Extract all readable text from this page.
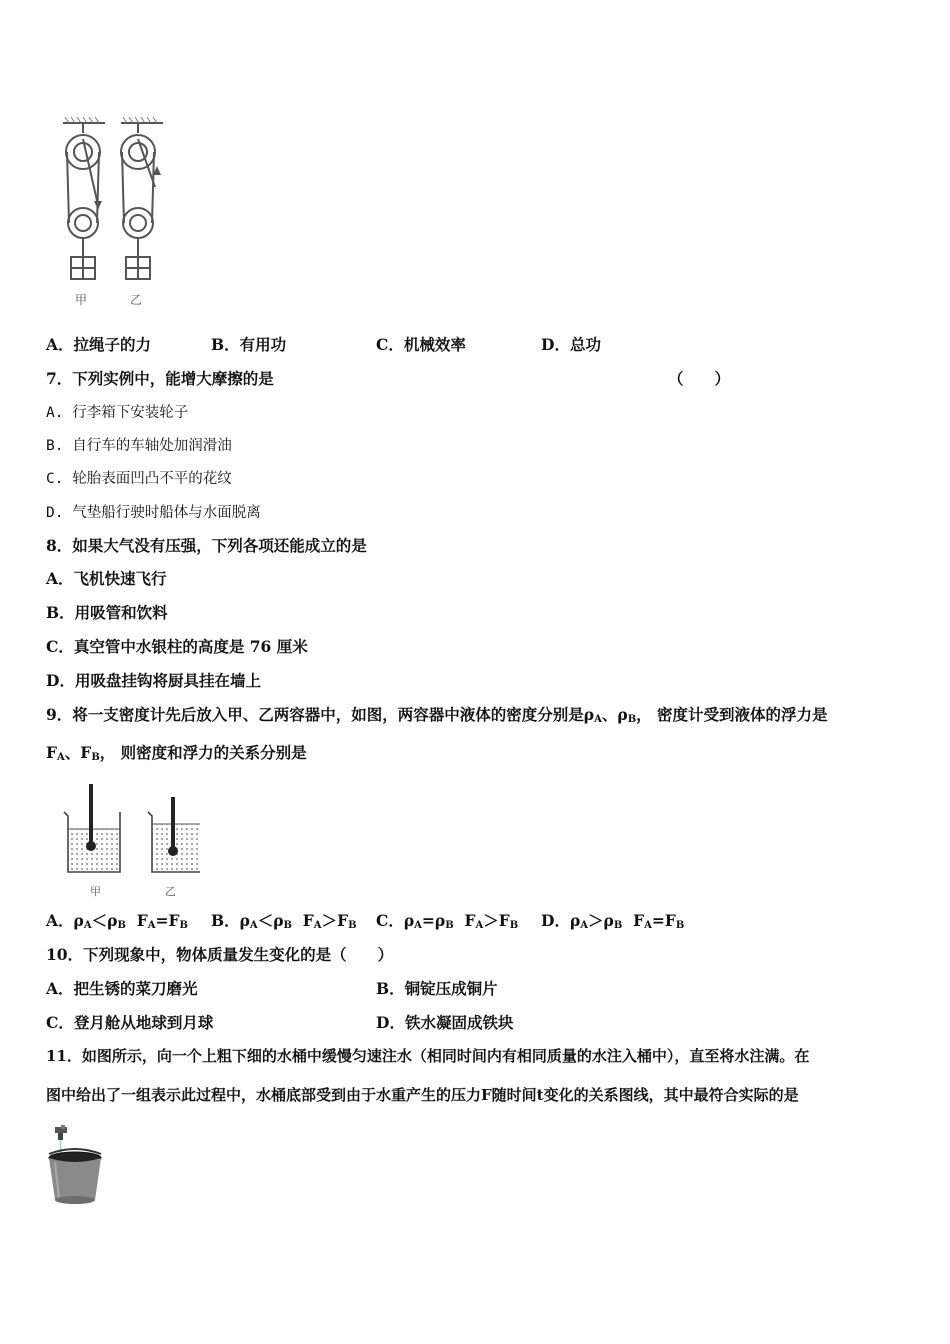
甲	乙
A．拉绳子的力	B．有用功	C．机械效率	D．总功
7．下列实例中，能增大摩擦的是	（　　）
A. 行李箱下安装轮子
B. 自行车的车轴处加润滑油
C. 轮胎表面凹凸不平的花纹
D. 气垫船行驶时船体与水面脱离
8．如果大气没有压强，下列各项还能成立的是
A．飞机快速飞行
B．用吸管和饮料
C．真空管中水银柱的高度是 76 厘米
D．用吸盘挂钩将厨具挂在墙上
9．将一支密度计先后放入甲、乙两容器中，如图，两容器中液体的密度分别是$\rho_A$、$\rho_B$， 密度计受到液体的浮力是
$F_A$、$F_B$， 则密度和浮力的关系分别是
甲	乙
A．$\rho_A<\rho_B$ $F_A=F_B$ B．$\rho_A<\rho_B$ $F_A>F_B$ C．$\rho_A=\rho_B$ $F_A>F_B$ D．$\rho_A>\rho_B$ $F_A=F_B$
10．下列现象中，物体质量发生变化的是（　　）
A．把生锈的菜刀磨光	B．铜锭压成铜片
C．登月舱从地球到月球	D．铁水凝固成铁块
11．如图所示，向一个上粗下细的水桶中缓慢匀速注水（相同时间内有相同质量的水注入桶中），直至将水注满。在
图中给出了一组表示此过程中，水桶底部受到由于水重产生的压力F随时间t变化的关系图线，其中最符合实际的是
